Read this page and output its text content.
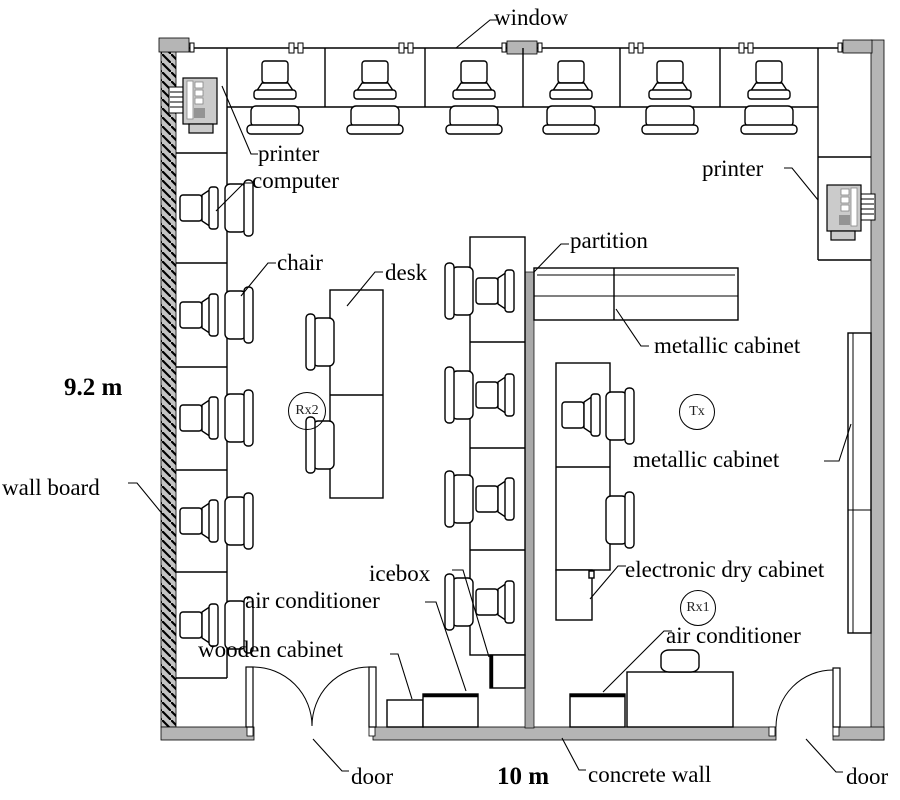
window
printer
computer
chair	desk
printer
partition
metallic cabinet
metallic cabinet
electronic dry cabinet
air conditioner
icebox
air conditioner
wooden cabinet
9.2 m
wall board
door	10 m concrete wall	door
Rx2	Tx
Rx1
